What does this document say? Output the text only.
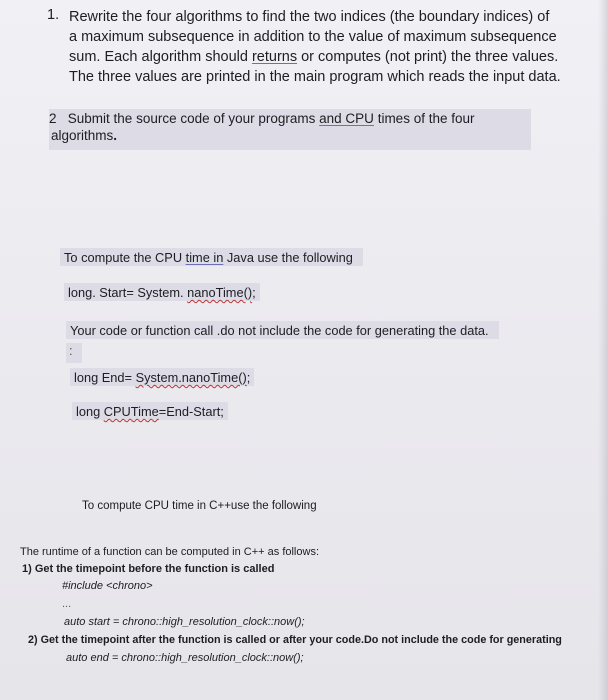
1. Rewrite the four algorithms to find the two indices (the boundary indices) of
a maximum subsequence in addition to the value of maximum subsequence
sum. Each algorithm should returns or computes (not print) the three values.
The three values are printed in the main program which reads the input data.
2 Submit the source code of your programs and CPU times of the four
algorithms.
To compute the CPU time in Java use the following
long. Start= System. nanoTime();
Your code or function call .do not include the code for generating the data.
:
long End= System.nanoTime();
long CPUTime=End-Start;
To compute CPU time in C++use the following
The runtime of a function can be computed in C++ as follows:
1) Get the timepoint before the function is called
#include <chrono>
...
auto start = chrono::high_resolution_clock::now();
2) Get the timepoint after the function is called or after your code.Do not include the code for generating
auto end = chrono::high_resolution_clock::now();
